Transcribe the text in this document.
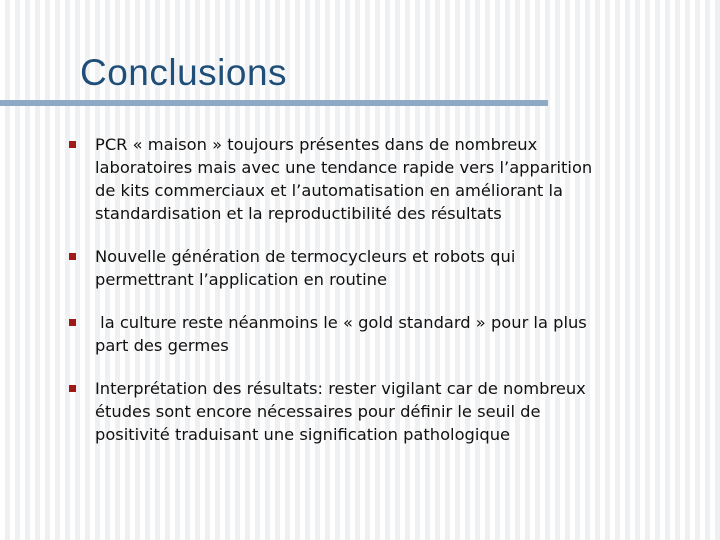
Conclusions
PCR « maison » toujours présentes dans de nombreux
laboratoires mais avec une tendance rapide vers l’apparition
de kits commerciaux et l’automatisation en améliorant la
standardisation et la reproductibilité des résultats
Nouvelle génération de termocycleurs et robots qui
permettrant l’application en routine
la culture reste néanmoins le « gold standard » pour la plus
part des germes
Interprétation des résultats: rester vigilant car de nombreux
études sont encore nécessaires pour définir le seuil de
positivité traduisant une signification pathologique
